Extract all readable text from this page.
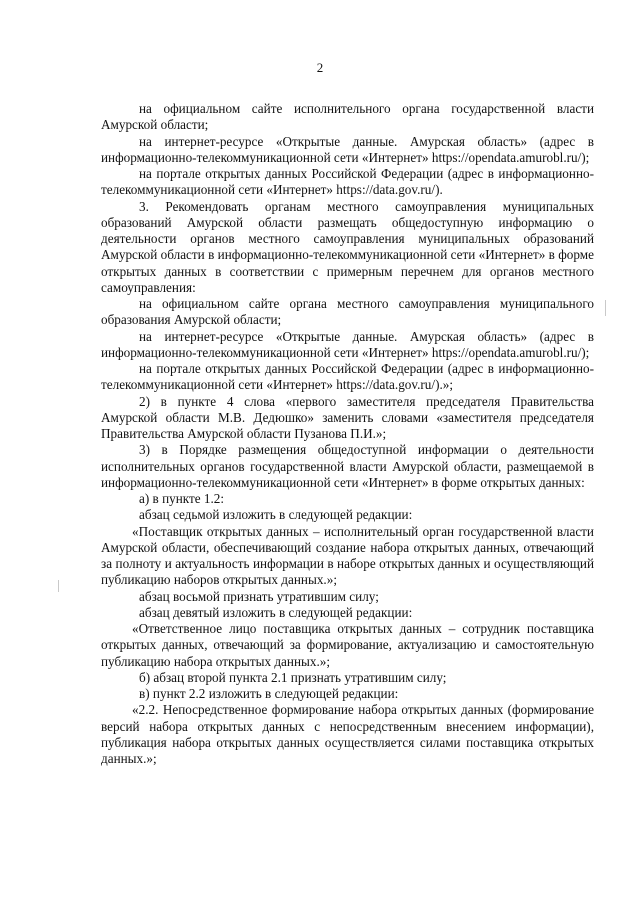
2

на официальном сайте исполнительного органа государственной власти Амурской области;

на интернет-ресурсе «Открытые данные. Амурская область» (адрес в информационно-телекоммуникационной сети «Интернет» https://opendata.amurobl.ru/);

на портале открытых данных Российской Федерации (адрес в информационно-телекоммуникационной сети «Интернет» https://data.gov.ru/).

3. Рекомендовать органам местного самоуправления муниципальных образований Амурской области размещать общедоступную информацию о деятельности органов местного самоуправления муниципальных образований Амурской области в информационно-телекоммуникационной сети «Интернет» в форме открытых данных в соответствии с примерным перечнем для органов местного самоуправления:

на официальном сайте органа местного самоуправления муниципального образования Амурской области;

на интернет-ресурсе «Открытые данные. Амурская область» (адрес в информационно-телекоммуникационной сети «Интернет» https://opendata.amurobl.ru/);

на портале открытых данных Российской Федерации (адрес в информационно-телекоммуникационной сети «Интернет» https://data.gov.ru/).»;

2) в пункте 4 слова «первого заместителя председателя Правительства Амурской области М.В. Дедюшко» заменить словами «заместителя председателя Правительства Амурской области Пузанова П.И.»;

3) в Порядке размещения общедоступной информации о деятельности исполнительных органов государственной власти Амурской области, размещаемой в информационно-телекоммуникационной сети «Интернет» в форме открытых данных:

а) в пункте 1.2:

абзац седьмой изложить в следующей редакции:

«Поставщик открытых данных – исполнительный орган государственной власти Амурской области, обеспечивающий создание набора открытых данных, отвечающий за полноту и актуальность информации в наборе открытых данных и осуществляющий публикацию наборов открытых данных.»;

абзац восьмой признать утратившим силу;

абзац девятый изложить в следующей редакции:

«Ответственное лицо поставщика открытых данных – сотрудник поставщика открытых данных, отвечающий за формирование, актуализацию и самостоятельную публикацию набора открытых данных.»;

б) абзац второй пункта 2.1 признать утратившим силу;

в) пункт 2.2 изложить в следующей редакции:

«2.2. Непосредственное формирование набора открытых данных (формирование версий набора открытых данных с непосредственным внесением информации), публикация набора открытых данных осуществляется силами поставщика открытых данных.»;
